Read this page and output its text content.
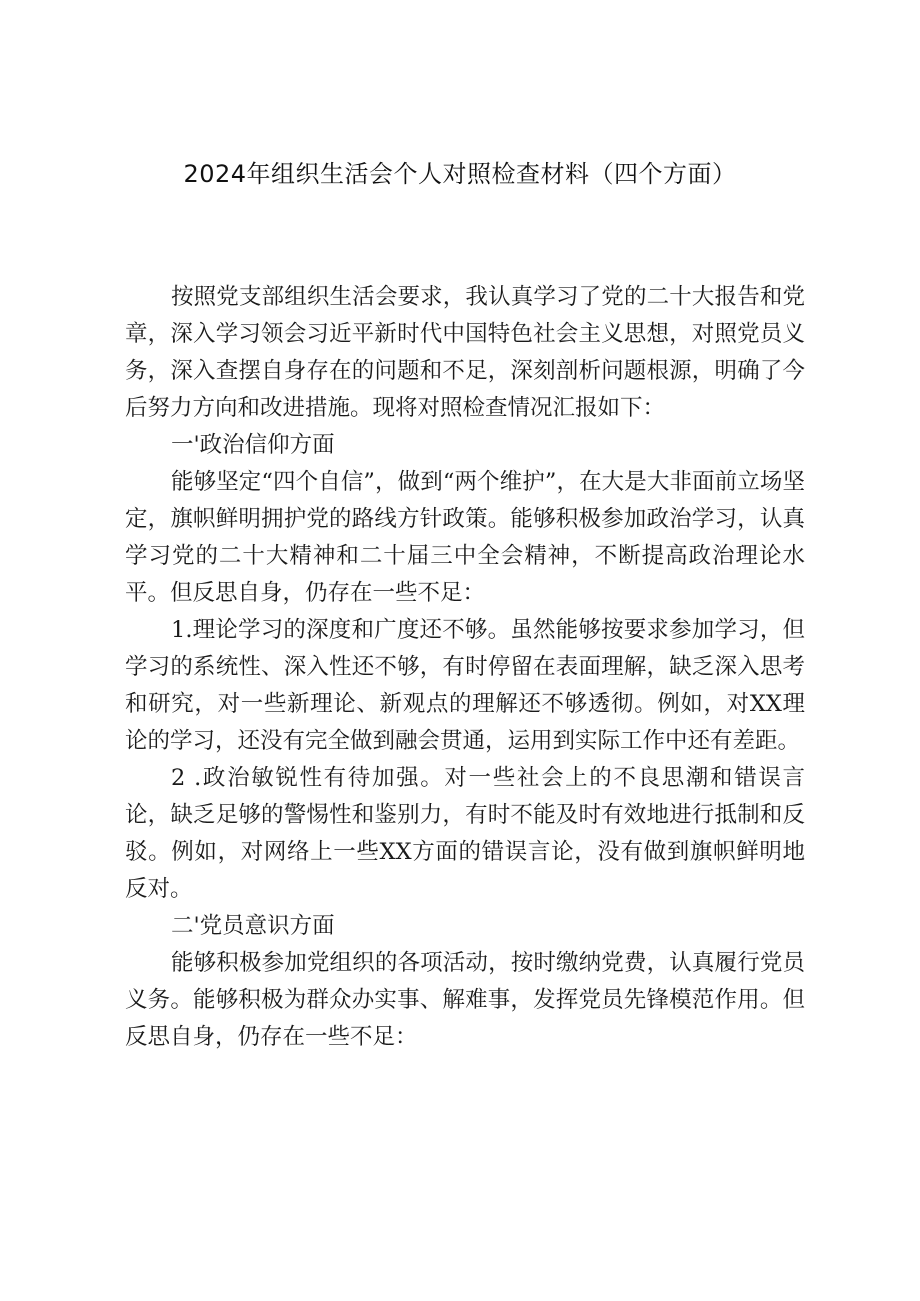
2024年组织生活会个人对照检查材料（四个方面）

按照党支部组织生活会要求，我认真学习了党的二十大报告和党章，深入学习领会习近平新时代中国特色社会主义思想，对照党员义务，深入查摆自身存在的问题和不足，深刻剖析问题根源，明确了今后努力方向和改进措施。现将对照检查情况汇报如下：

一'政治信仰方面

能够坚定“四个自信”，做到“两个维护”，在大是大非面前立场坚定，旗帜鲜明拥护党的路线方针政策。能够积极参加政治学习，认真学习党的二十大精神和二十届三中全会精神，不断提高政治理论水平。但反思自身，仍存在一些不足：

1.理论学习的深度和广度还不够。虽然能够按要求参加学习，但学习的系统性、深入性还不够，有时停留在表面理解，缺乏深入思考和研究，对一些新理论、新观点的理解还不够透彻。例如，对XX理论的学习，还没有完全做到融会贯通，运用到实际工作中还有差距。

2 .政治敏锐性有待加强。对一些社会上的不良思潮和错误言论，缺乏足够的警惕性和鉴别力，有时不能及时有效地进行抵制和反驳。例如，对网络上一些XX方面的错误言论，没有做到旗帜鲜明地反对。

二'党员意识方面

能够积极参加党组织的各项活动，按时缴纳党费，认真履行党员义务。能够积极为群众办实事、解难事，发挥党员先锋模范作用。但反思自身，仍存在一些不足：
